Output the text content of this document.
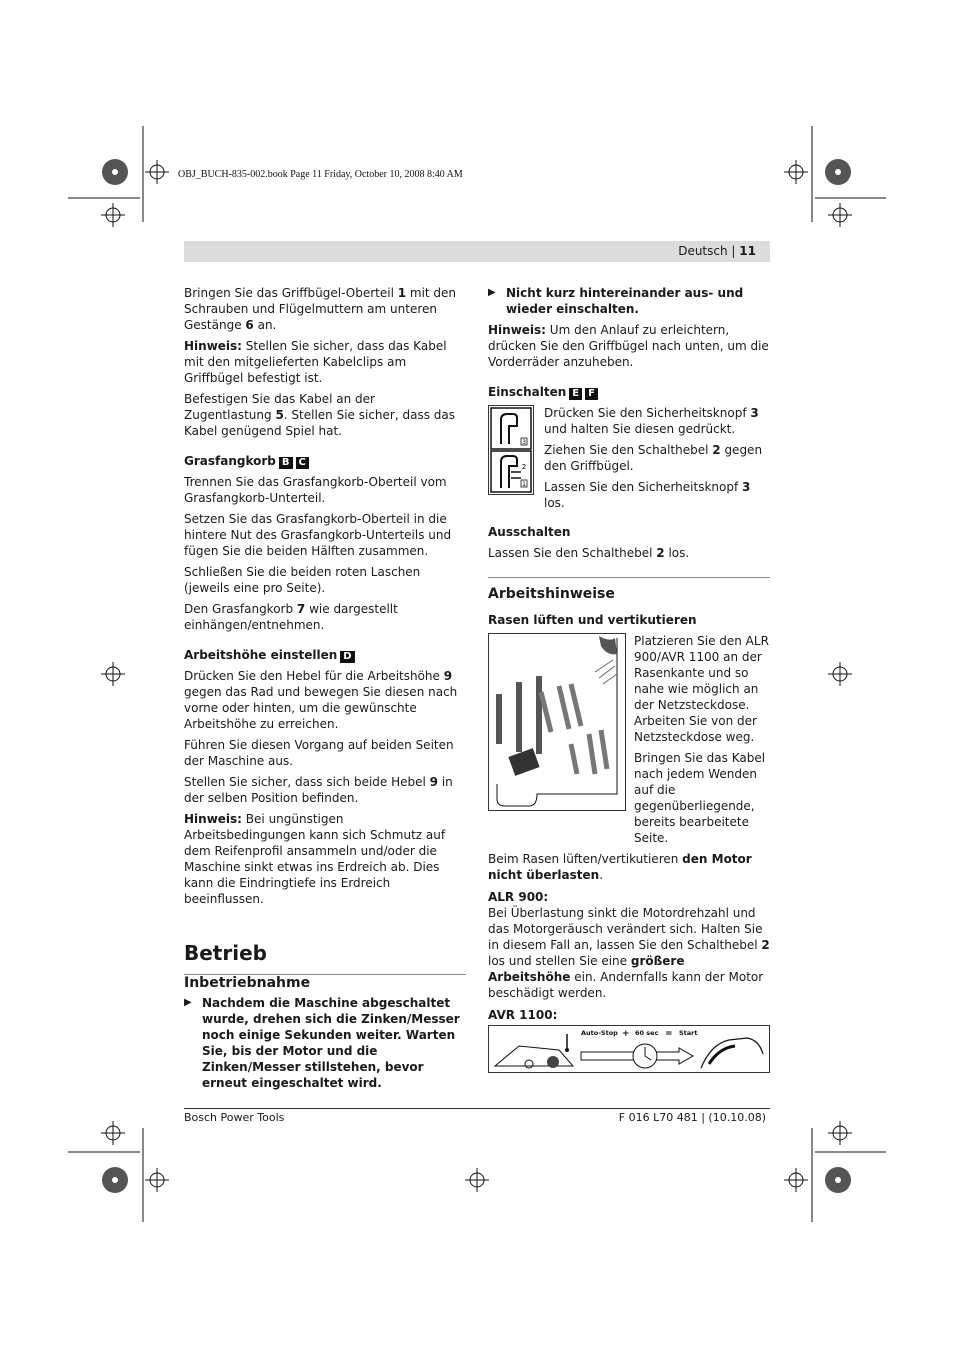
OBJ_BUCH-835-002.book Page 11 Friday, October 10, 2008 8:40 AM
Deutsch | 11

Bringen Sie das Griffbügel-Oberteil 1 mit den Schrauben und Flügelmuttern am unteren Gestänge 6 an.

Hinweis: Stellen Sie sicher, dass das Kabel mit den mitgelieferten Kabelclips am Griffbügel befestigt ist.

Befestigen Sie das Kabel an der Zugentlastung 5. Stellen Sie sicher, dass das Kabel genügend Spiel hat.

Grasfangkorb B C

Trennen Sie das Grasfangkorb-Oberteil vom Grasfangkorb-Unterteil.

Setzen Sie das Grasfangkorb-Oberteil in die hintere Nut des Grasfangkorb-Unterteils und fügen Sie die beiden Hälften zusammen.

Schließen Sie die beiden roten Laschen (jeweils eine pro Seite).

Den Grasfangkorb 7 wie dargestellt einhängen/entnehmen.

Arbeitshöhe einstellen D

Drücken Sie den Hebel für die Arbeitshöhe 9 gegen das Rad und bewegen Sie diesen nach vorne oder hinten, um die gewünschte Arbeitshöhe zu erreichen.

Führen Sie diesen Vorgang auf beiden Seiten der Maschine aus.

Stellen Sie sicher, dass sich beide Hebel 9 in der selben Position befinden.

Hinweis: Bei ungünstigen Arbeitsbedingungen kann sich Schmutz auf dem Reifenprofil ansammeln und/oder die Maschine sinkt etwas ins Erdreich ab. Dies kann die Eindringtiefe ins Erdreich beeinflussen.

Betrieb
Inbetriebnahme
▶ Nachdem die Maschine abgeschaltet wurde, drehen sich die Zinken/Messer noch einige Sekunden weiter. Warten Sie, bis der Motor und die Zinken/Messer stillstehen, bevor erneut eingeschaltet wird.
▶ Nicht kurz hintereinander aus- und wieder einschalten.

Hinweis: Um den Anlauf zu erleichtern, drücken Sie den Griffbügel nach unten, um die Vorderräder anzuheben.

Einschalten E F
3
2
1

Drücken Sie den Sicherheitsknopf 3 und halten Sie diesen gedrückt.

Ziehen Sie den Schalthebel 2 gegen den Griffbügel.

Lassen Sie den Sicherheitsknopf 3 los.

Ausschalten

Lassen Sie den Schalthebel 2 los.

Arbeitshinweise
Rasen lüften und vertikutieren

Platzieren Sie den ALR 900/AVR 1100 an der Rasenkante und so nahe wie möglich an der Netzsteckdose. Arbeiten Sie von der Netzsteckdose weg.

Bringen Sie das Kabel nach jedem Wenden auf die gegenüberliegende, bereits bearbeitete Seite.

Beim Rasen lüften/vertikutieren den Motor nicht überlasten.

ALR 900:

Bei Überlastung sinkt die Motordrehzahl und das Motorgeräusch verändert sich. Halten Sie in diesem Fall an, lassen Sie den Schalthebel 2 los und stellen Sie eine größere Arbeitshöhe ein. Andernfalls kann der Motor beschädigt werden.

AVR 1100:
Auto-Stop + 60 sec = Start
Bosch Power Tools	F 016 L70 481 | (10.10.08)
